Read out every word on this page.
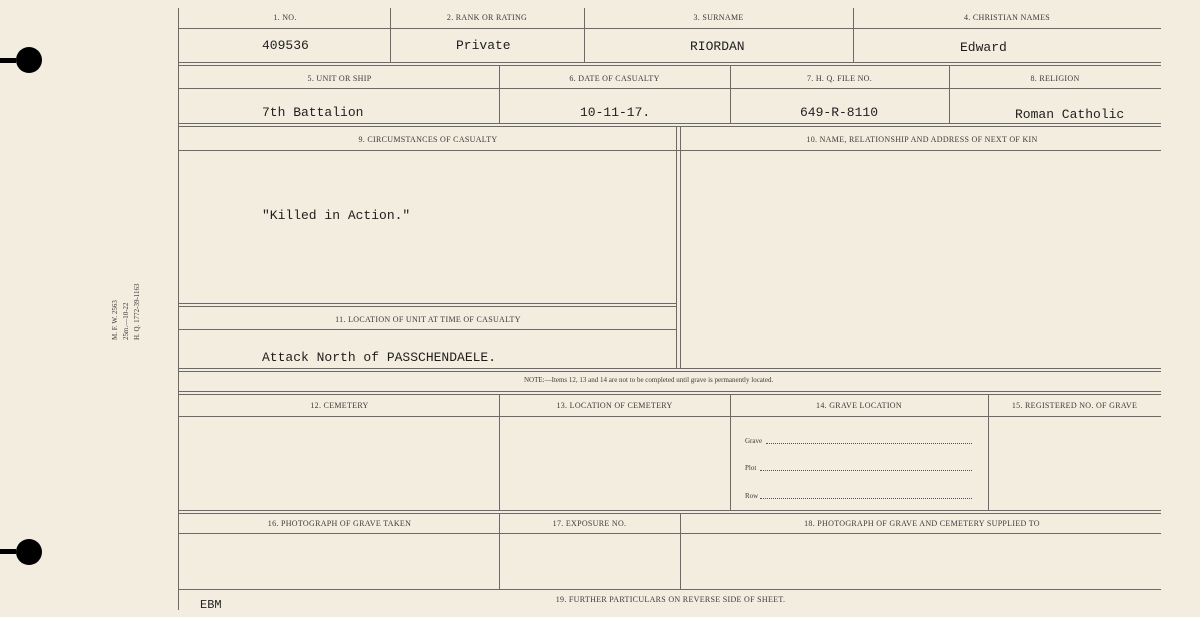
M. F. W. 2563 25m.—10-22 H. Q. 1772-39-1163
1. NO.	2. RANK OR RATING	3. SURNAME	4. CHRISTIAN NAMES
409536	Private	RIORDAN	Edward
5. UNIT OR SHIP	6. DATE OF CASUALTY	7. H. Q. FILE NO.	8. RELIGION
7th Battalion	10-11-17.	649-R-8110	Roman Catholic
9. CIRCUMSTANCES OF CASUALTY	10. NAME, RELATIONSHIP AND ADDRESS OF NEXT OF KIN
"Killed in Action."
11. LOCATION OF UNIT AT TIME OF CASUALTY
Attack North of PASSCHENDAELE.
NOTE:—Items 12, 13 and 14 are not to be completed until grave is permanently located.
12. CEMETERY	13. LOCATION OF CEMETERY	14. GRAVE LOCATION	15. REGISTERED NO. OF GRAVE
Grave
Plot
Row
16. PHOTOGRAPH OF GRAVE TAKEN	17. EXPOSURE NO.	18. PHOTOGRAPH OF GRAVE AND CEMETERY SUPPLIED TO
19. FURTHER PARTICULARS ON REVERSE SIDE OF SHEET.
EBM
